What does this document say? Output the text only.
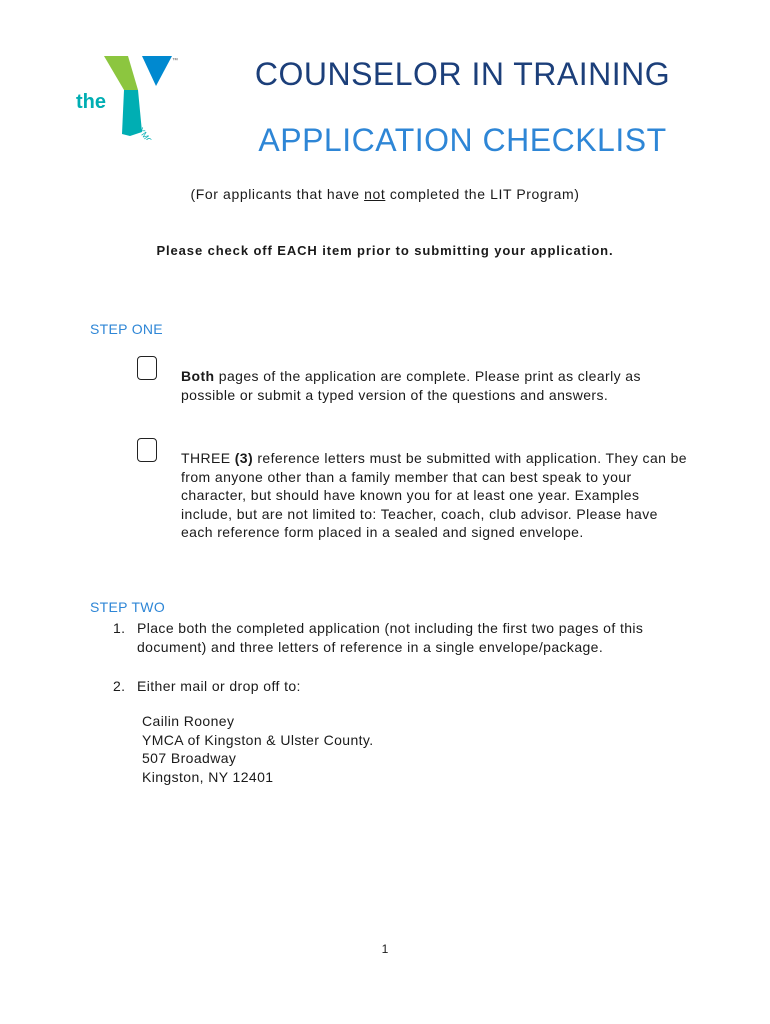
the
YMCA
™	COUNSELOR IN TRAINING
APPLICATION CHECKLIST
(For applicants that have not completed the LIT Program)
Please check off EACH item prior to submitting your application.
STEP ONE
Both pages of the application are complete. Please print as clearly as possible or submit a typed version of the questions and answers.
THREE (3) reference letters must be submitted with application. They can be from anyone other than a family member that can best speak to your character, but should have known you for at least one year. Examples include, but are not limited to: Teacher, coach, club advisor. Please have each reference form placed in a sealed and signed envelope.
STEP TWO
1. Place both the completed application (not including the first two pages of this document) and three letters of reference in a single envelope/package.
2. Either mail or drop off to:
Cailin Rooney
YMCA of Kingston & Ulster County.
507 Broadway
Kingston, NY 12401
1
